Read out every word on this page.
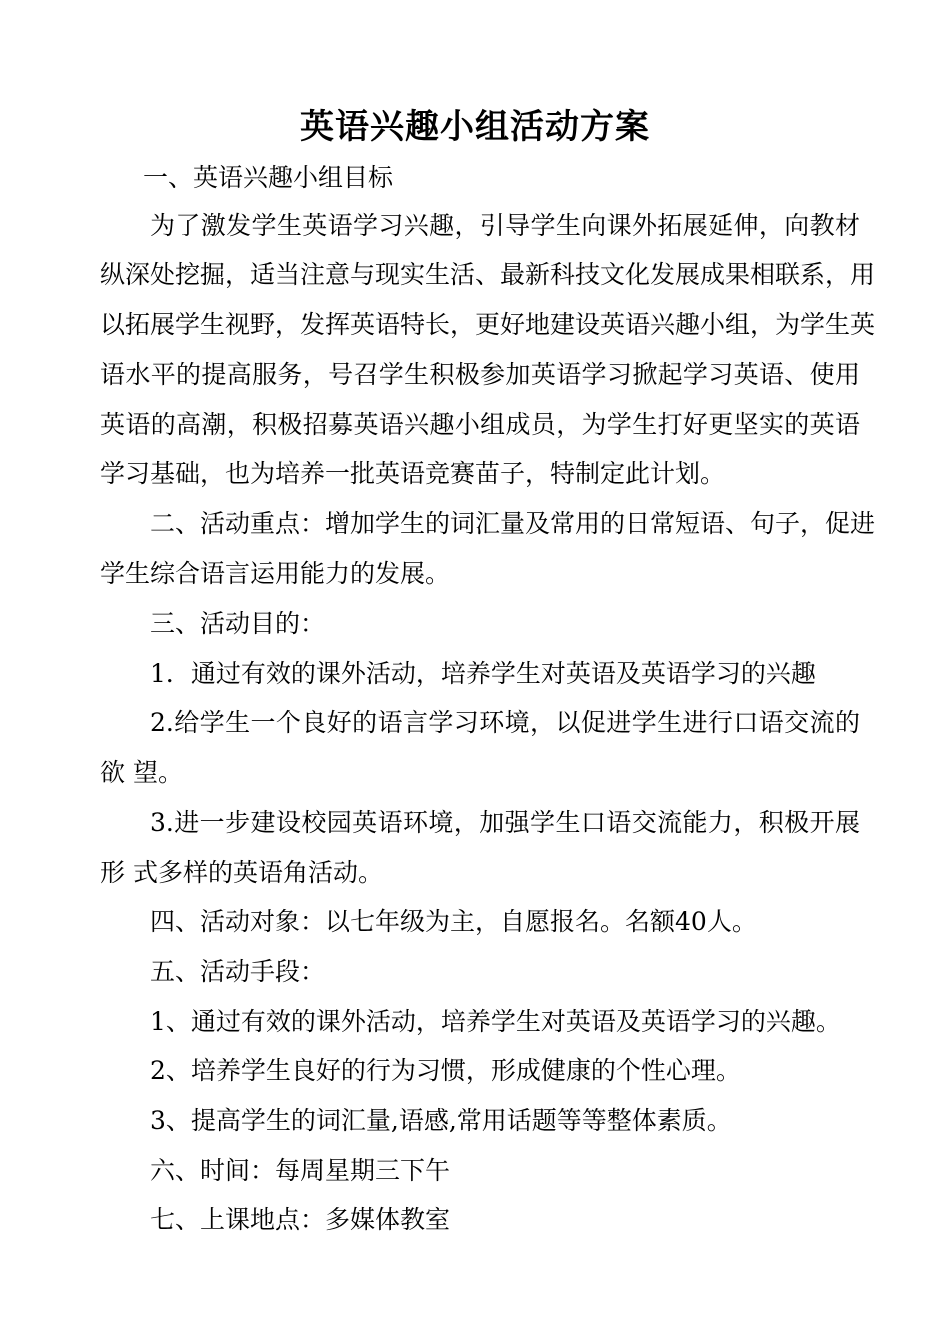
英语兴趣小组活动方案
一、英语兴趣小组目标
为了激发学生英语学习兴趣，引导学生向课外拓展延伸，向教材
纵深处挖掘，适当注意与现实生活、最新科技文化发展成果相联系，用
以拓展学生视野，发挥英语特长，更好地建设英语兴趣小组，为学生英
语水平的提高服务，号召学生积极参加英语学习掀起学习英语、使用
英语的高潮，积极招募英语兴趣小组成员，为学生打好更坚实的英语
学习基础，也为培养一批英语竞赛苗子，特制定此计划。
二、活动重点：增加学生的词汇量及常用的日常短语、句子，促进
学生综合语言运用能力的发展。
三、活动目的：
1．通过有效的课外活动，培养学生对英语及英语学习的兴趣
2.给学生一个良好的语言学习环境，以促进学生进行口语交流的
欲 望。
3.进一步建设校园英语环境，加强学生口语交流能力，积极开展
形 式多样的英语角活动。
四、活动对象：以七年级为主，自愿报名。名额40人。
五、活动手段：
1、通过有效的课外活动，培养学生对英语及英语学习的兴趣。
2、培养学生良好的行为习惯，形成健康的个性心理。
3、提高学生的词汇量,语感,常用话题等等整体素质。
六、时间：每周星期三下午
七、上课地点：多媒体教室
